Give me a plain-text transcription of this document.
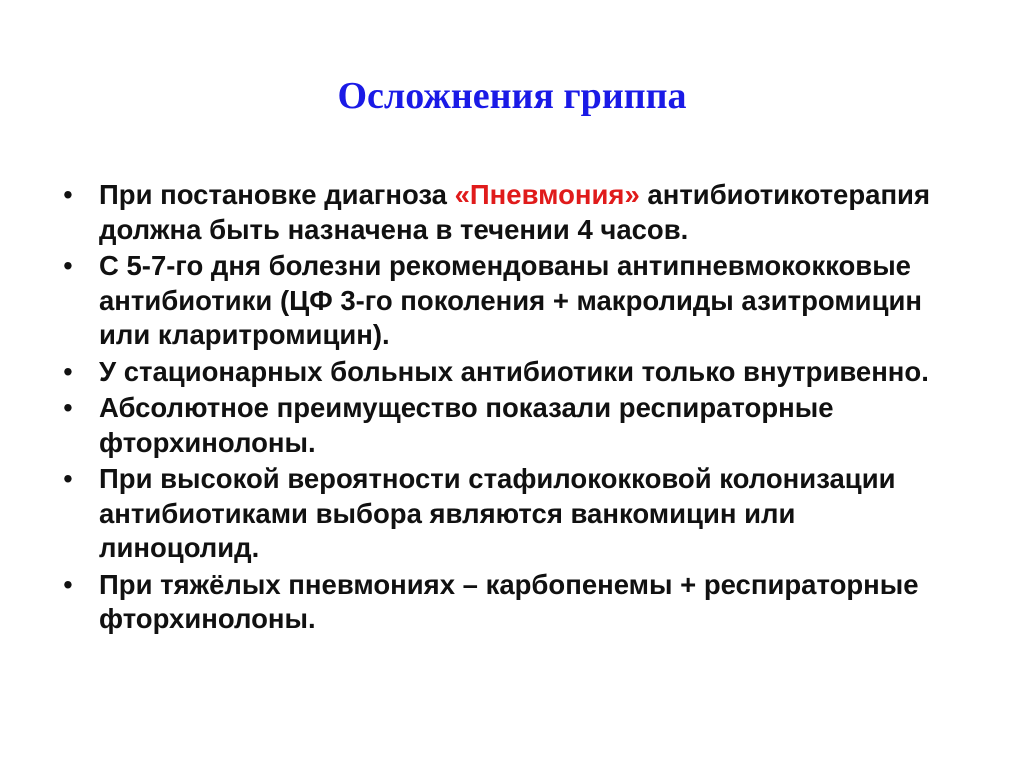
Осложнения гриппа
• При постановке диагноза «Пневмония» антибиотикотерапия должна быть назначена в течении 4 часов.
• С 5-7-го дня болезни рекомендованы антипневмококковые антибиотики (ЦФ 3-го поколения + макролиды азитромицин или кларитромицин).
• У стационарных больных антибиотики только внутривенно.
• Абсолютное преимущество показали респираторные фторхинолоны.
• При высокой вероятности стафилококковой колонизации антибиотиками выбора являются ванкомицин или линоцолид.
• При тяжёлых пневмониях – карбопенемы + респираторные фторхинолоны.
